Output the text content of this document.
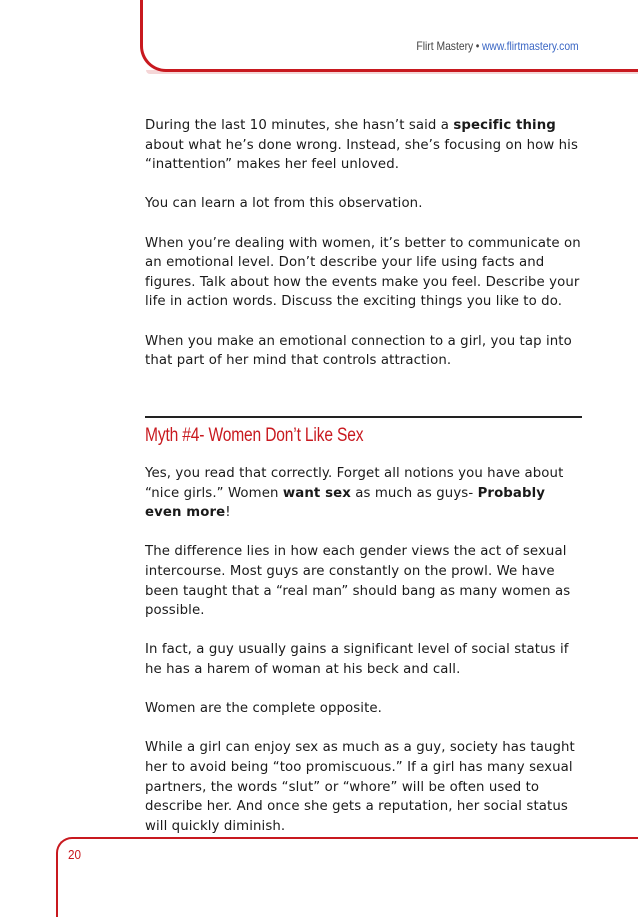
Flirt Mastery • www.flirtmastery.com

During the last 10 minutes, she hasn’t said a specific thing about what he’s done wrong. Instead, she’s focusing on how his “inattention” makes her feel unloved.

You can learn a lot from this observation.

When you’re dealing with women, it’s better to communicate on an emotional level. Don’t describe your life using facts and figures. Talk about how the events make you feel. Describe your life in action words. Discuss the exciting things you like to do.

When you make an emotional connection to a girl, you tap into that part of her mind that controls attraction.

Myth #4- Women Don’t Like Sex

Yes, you read that correctly. Forget all notions you have about “nice girls.” Women want sex as much as guys- Probably even more!

The difference lies in how each gender views the act of sexual intercourse. Most guys are constantly on the prowl. We have been taught that a “real man” should bang as many women as possible.

In fact, a guy usually gains a significant level of social status if he has a harem of woman at his beck and call.

Women are the complete opposite.

While a girl can enjoy sex as much as a guy, society has taught her to avoid being “too promiscuous.” If a girl has many sexual partners, the words “slut” or “whore” will be often used to describe her. And once she gets a reputation, her social status will quickly diminish.

20
